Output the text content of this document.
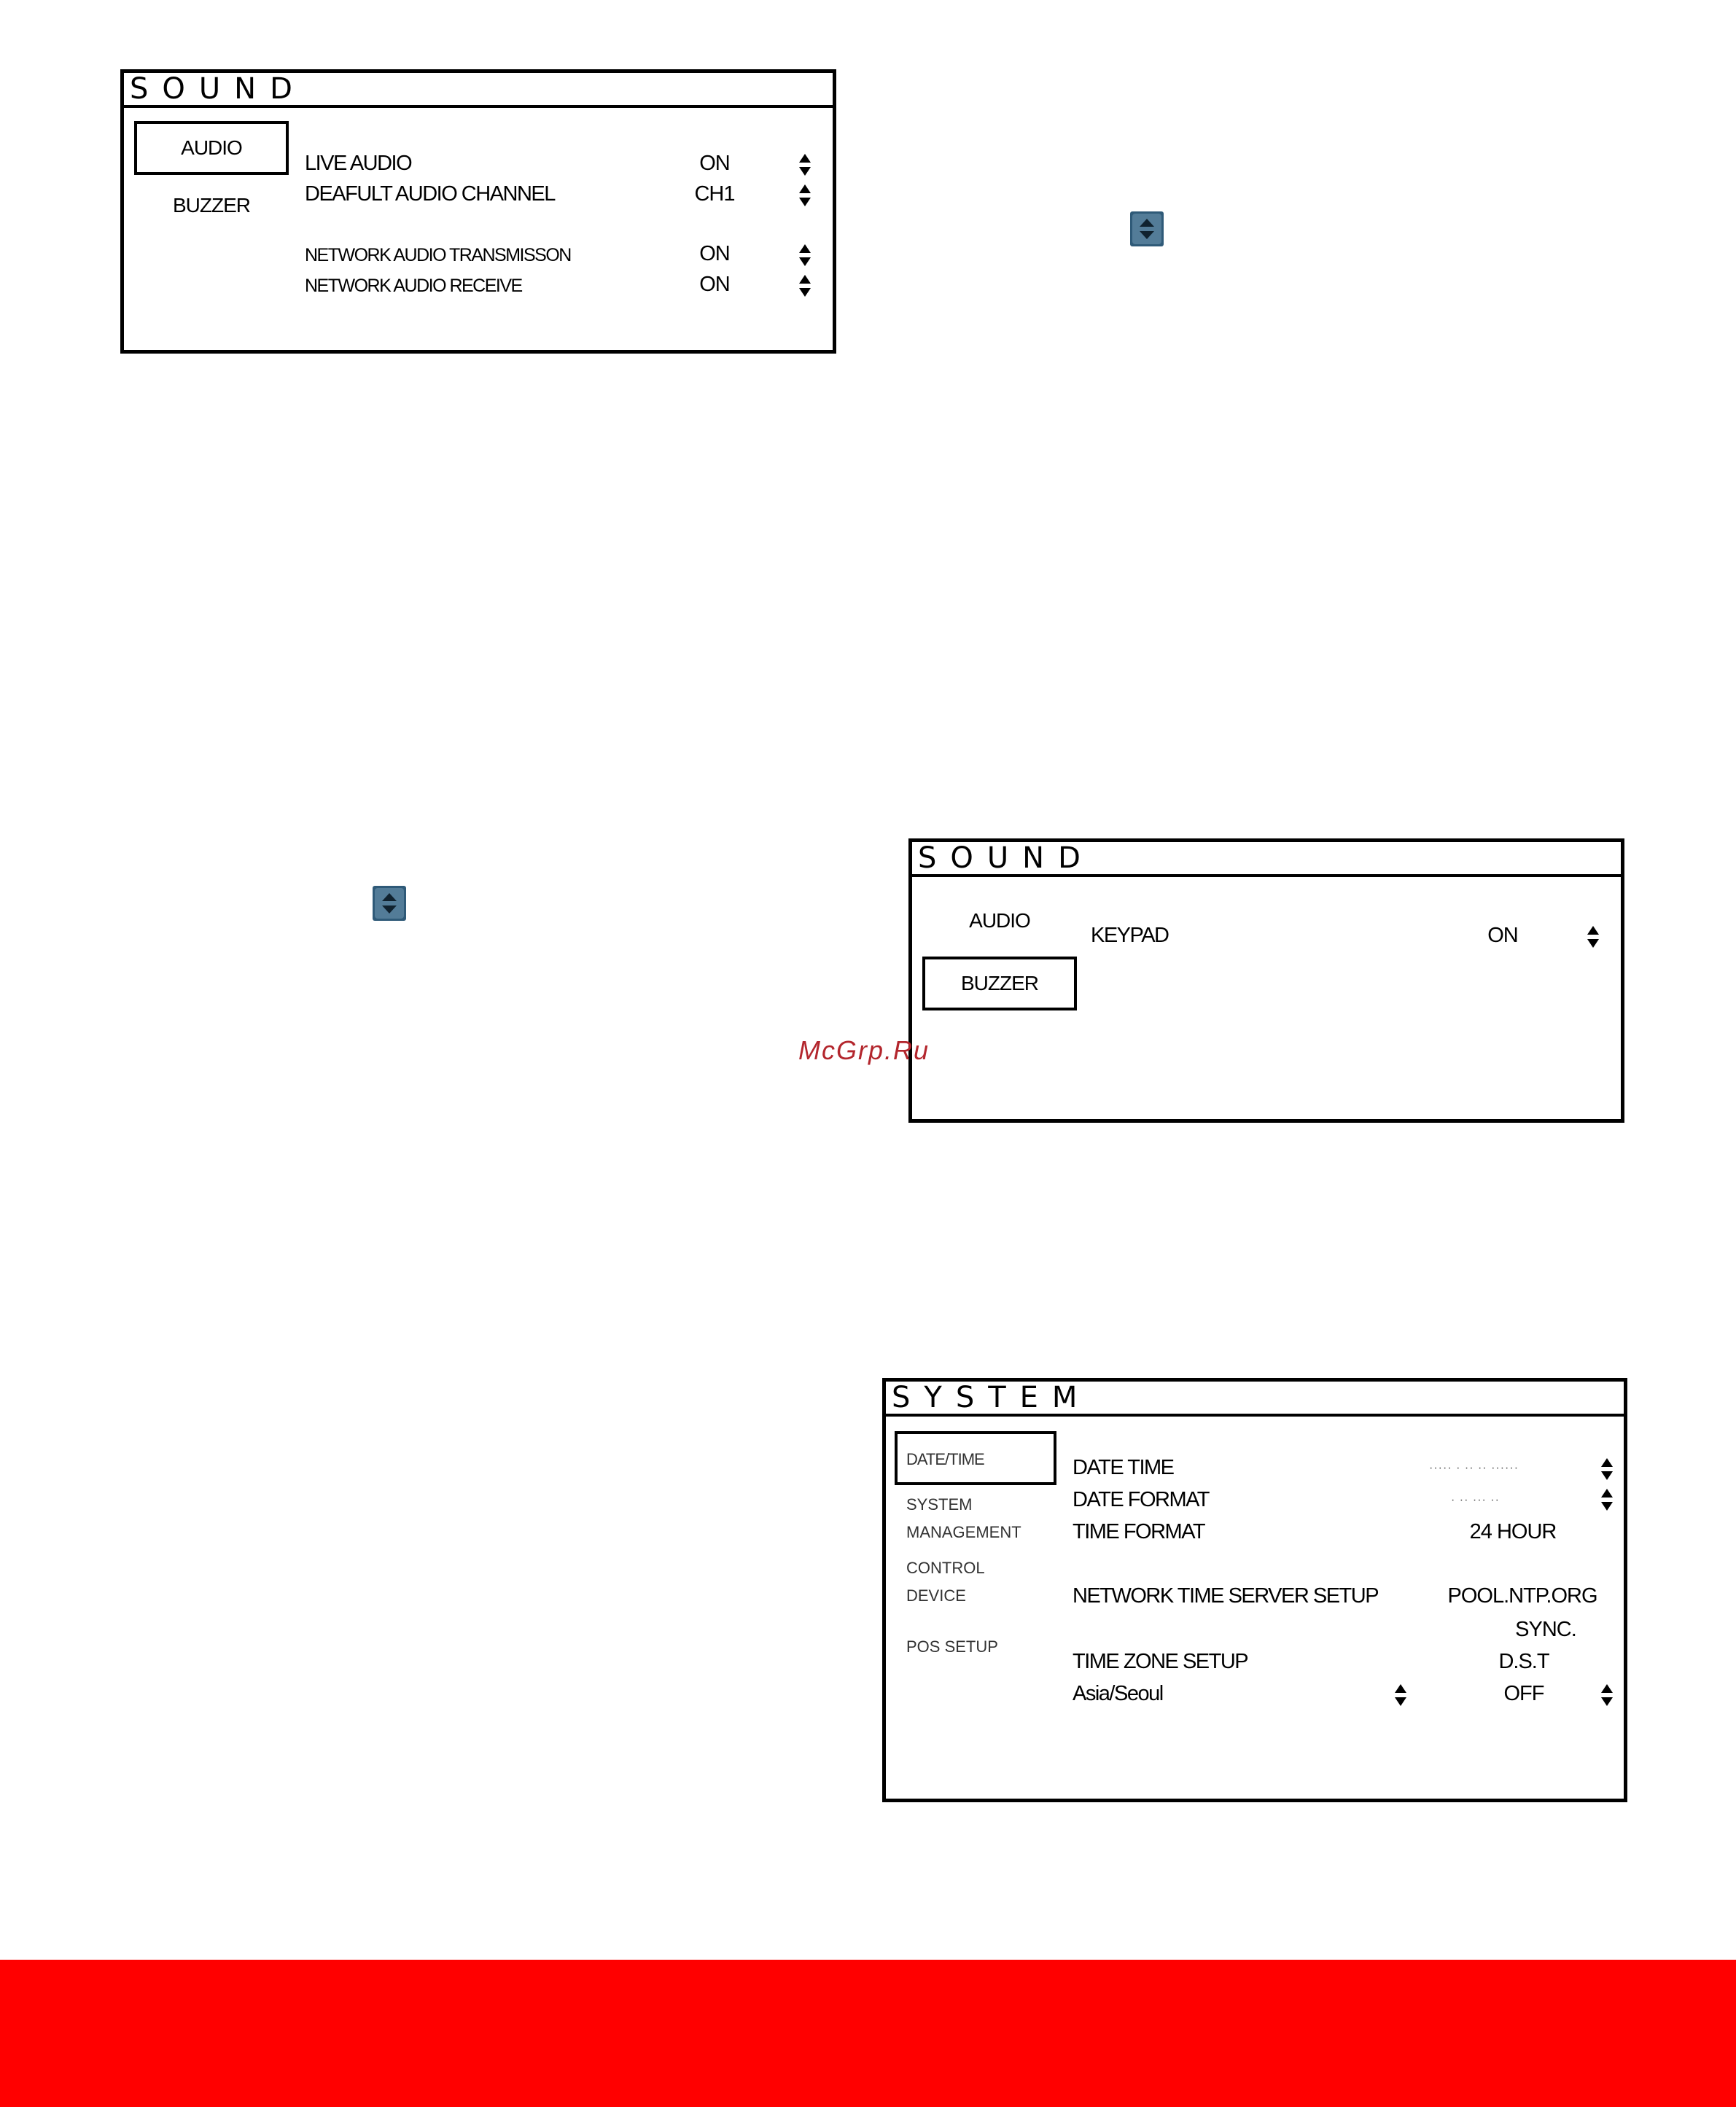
SOUND
AUDIO
BUZZER
LIVE AUDIO	ON
DEAFULT AUDIO CHANNEL	CH1
NETWORK AUDIO TRANSMISSON	ON
NETWORK AUDIO RECEIVE	ON
SOUND
AUDIO
BUZZER
KEYPAD	ON
McGrp.Ru
SYSTEM
DATE/TIME
SYSTEM
MANAGEMENT
CONTROL
DEVICE
POS SETUP
DATE TIME	····· · ·· ·· ······
DATE FORMAT	· ·· ··· ··
TIME FORMAT	24 HOUR
NETWORK TIME SERVER SETUP	POOL.NTP.ORG
SYNC.
TIME ZONE SETUP	D.S.T
Asia/Seoul	OFF
